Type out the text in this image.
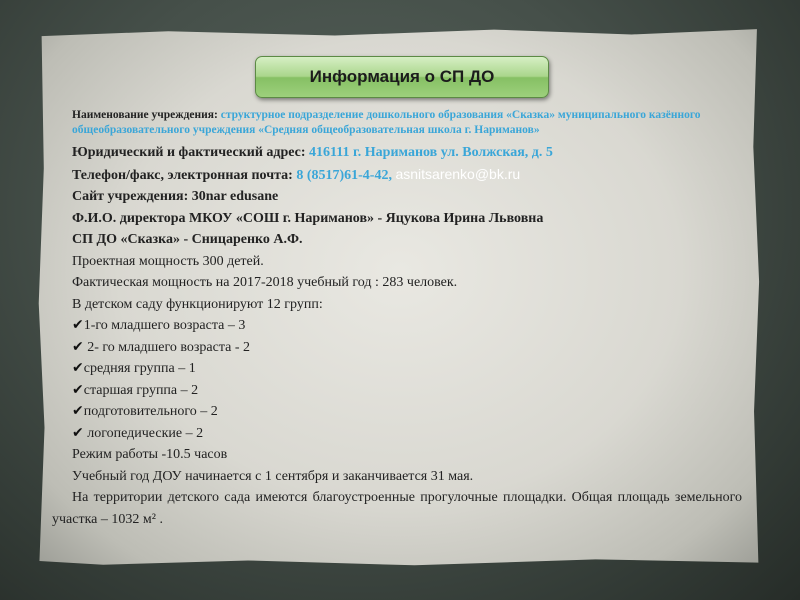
Информация о СП ДО

Наименование учреждения: структурное подразделение дошкольного образования «Сказка» муниципального казённого общеобразовательного учреждения «Средняя общеобразовательная школа г. Нариманов»

Юридический и фактический адрес: 416111 г. Нариманов ул. Волжская, д. 5

Телефон/факс, электронная почта: 8 (8517)61-4-42, asnitsarenko@bk.ru

Сайт учреждения: 30nar edusane

Ф.И.О. директора МКОУ «СОШ г. Нариманов» - Яцукова Ирина Львовна

СП ДО «Сказка» - Сницаренко А.Ф.

Проектная мощность 300 детей.

Фактическая мощность на 2017-2018 учебный год : 283 человек.

В детском саду функционируют 12 групп:

✔1-го младшего возраста – 3

✔ 2- го младшего возраста - 2

✔средняя группа – 1

✔старшая группа – 2

✔подготовительного – 2

✔ логопедические – 2

Режим работы -10.5 часов

Учебный год ДОУ начинается с 1 сентября и заканчивается 31 мая.

На территории детского сада имеются благоустроенные прогулочные площадки. Общая площадь земельного участка – 1032 м² .
